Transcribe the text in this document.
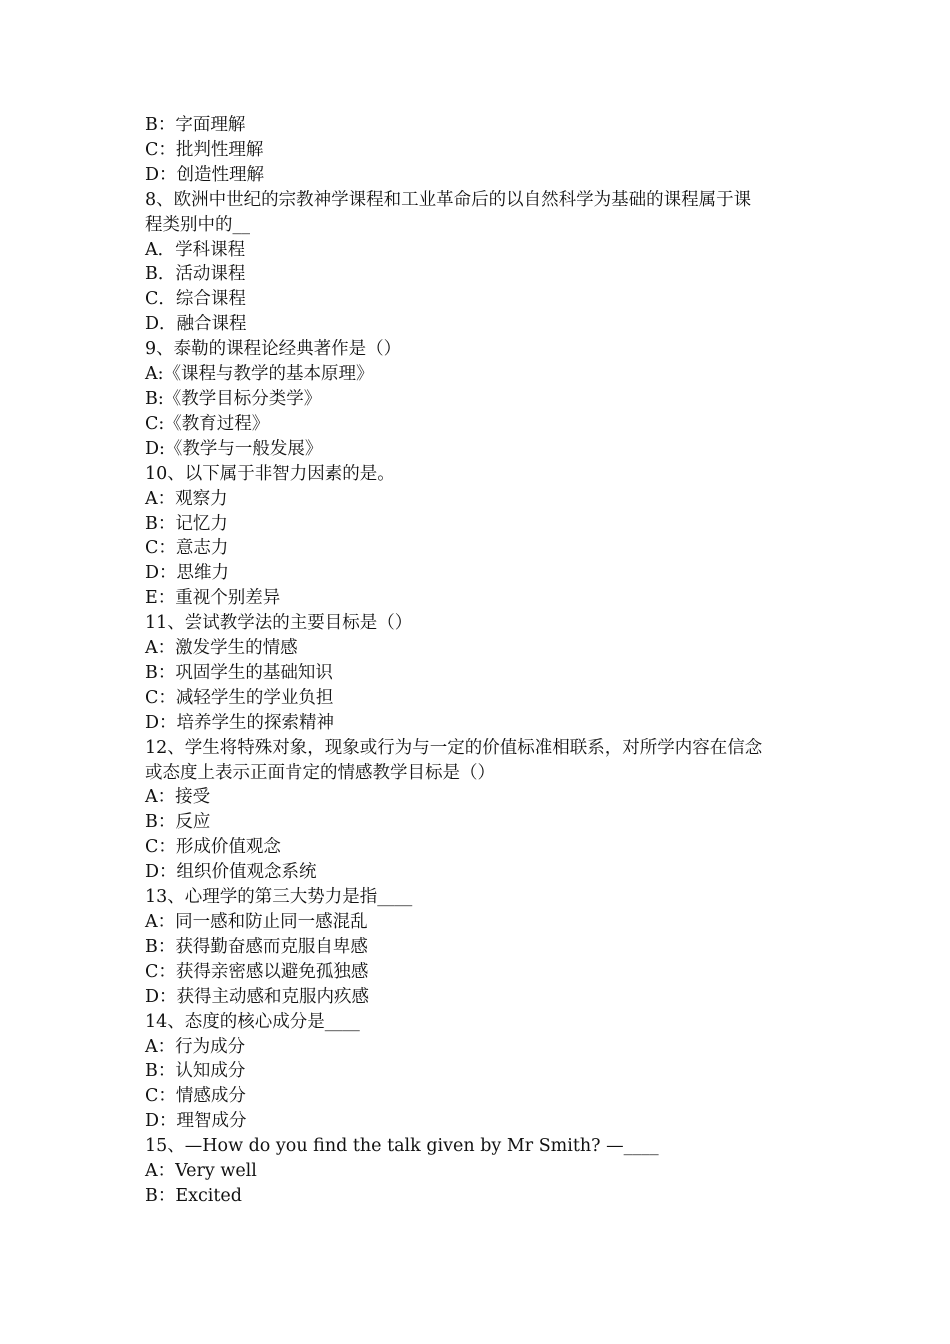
B：字面理解

C：批判性理解

D：创造性理解

8、欧洲中世纪的宗教神学课程和工业革命后的以自然科学为基础的课程属于课

程类别中的__

A．学科课程

B．活动课程

C．综合课程

D．融合课程

9、泰勒的课程论经典著作是（）

A:《课程与教学的基本原理》

B:《教学目标分类学》

C:《教育过程》

D:《教学与一般发展》

10、以下属于非智力因素的是。

A：观察力

B：记忆力

C：意志力

D：思维力

E：重视个别差异

11、尝试教学法的主要目标是（）

A：激发学生的情感

B：巩固学生的基础知识

C：减轻学生的学业负担

D：培养学生的探索精神

12、学生将特殊对象，现象或行为与一定的价值标准相联系，对所学内容在信念

或态度上表示正面肯定的情感教学目标是（）

A：接受

B：反应

C：形成价值观念

D：组织价值观念系统

13、心理学的第三大势力是指____

A：同一感和防止同一感混乱

B：获得勤奋感而克服自卑感

C：获得亲密感以避免孤独感

D：获得主动感和克服内疚感

14、态度的核心成分是____

A：行为成分

B：认知成分

C：情感成分

D：理智成分

15、—How do you find the talk given by Mr Smith? —____

A：Very well

B：Excited
